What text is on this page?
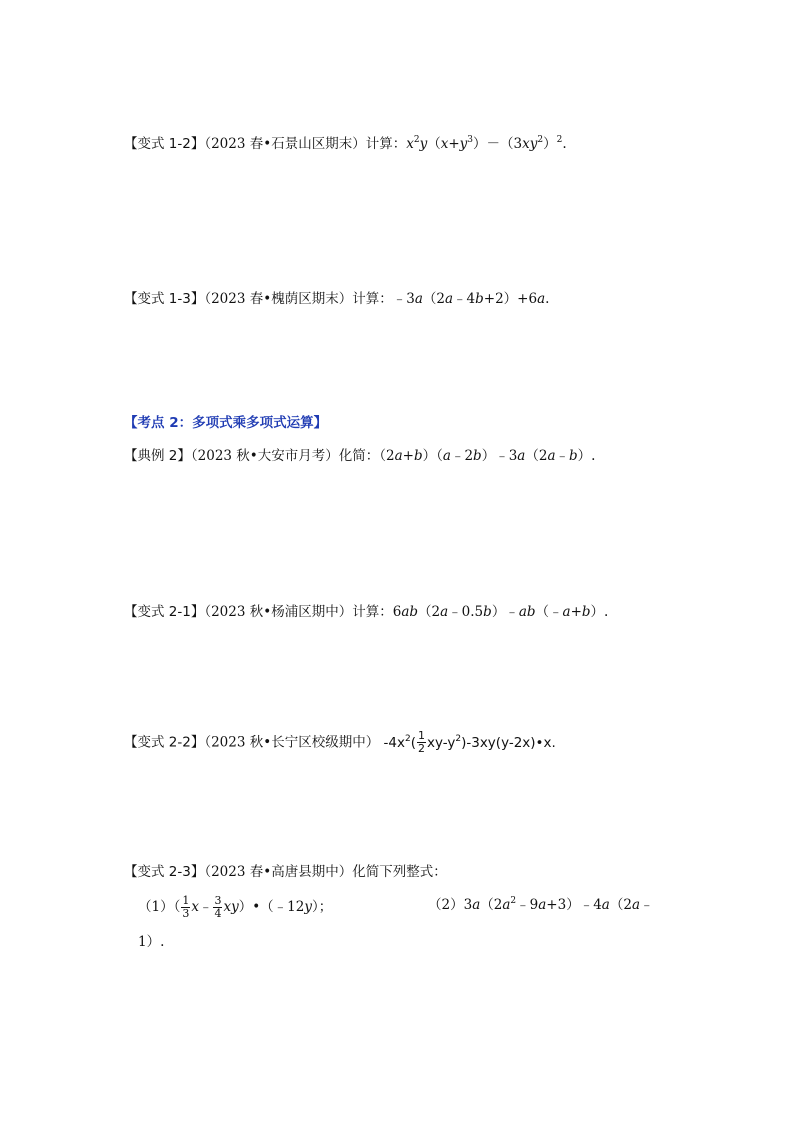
【变式 1-2】（2023 春•石景山区期末）计算：$x^2y(x+y^3)-(3xy^2)^2$.
【变式 1-3】（2023 春•槐荫区期末）计算：﹣3a（2a﹣4b+2）+6a.
【考点 2：多项式乘多项式运算】
【典例 2】（2023 秋•大安市月考）化简：（2a+b）（a﹣2b）﹣3a（2a﹣b）.
【变式 2-1】（2023 秋•杨浦区期中）计算：6ab（2a﹣0.5b）﹣ab（﹣a+b）.
【变式 2-2】（2023 秋•长宁区校级期中） $-4x^2( \frac{1}{2}$ $xy-y^2)-3xy(y-2x)•x$.
【变式 2-3】（2023 春•高唐县期中）化简下列整式：
$(1)( \frac{1}{3}$ x﹣ $\frac{3}{4}$ xy）•（﹣12y）；	$(2)3a(2a^2﹣9a+3)﹣4a(2a﹣$
1）.
